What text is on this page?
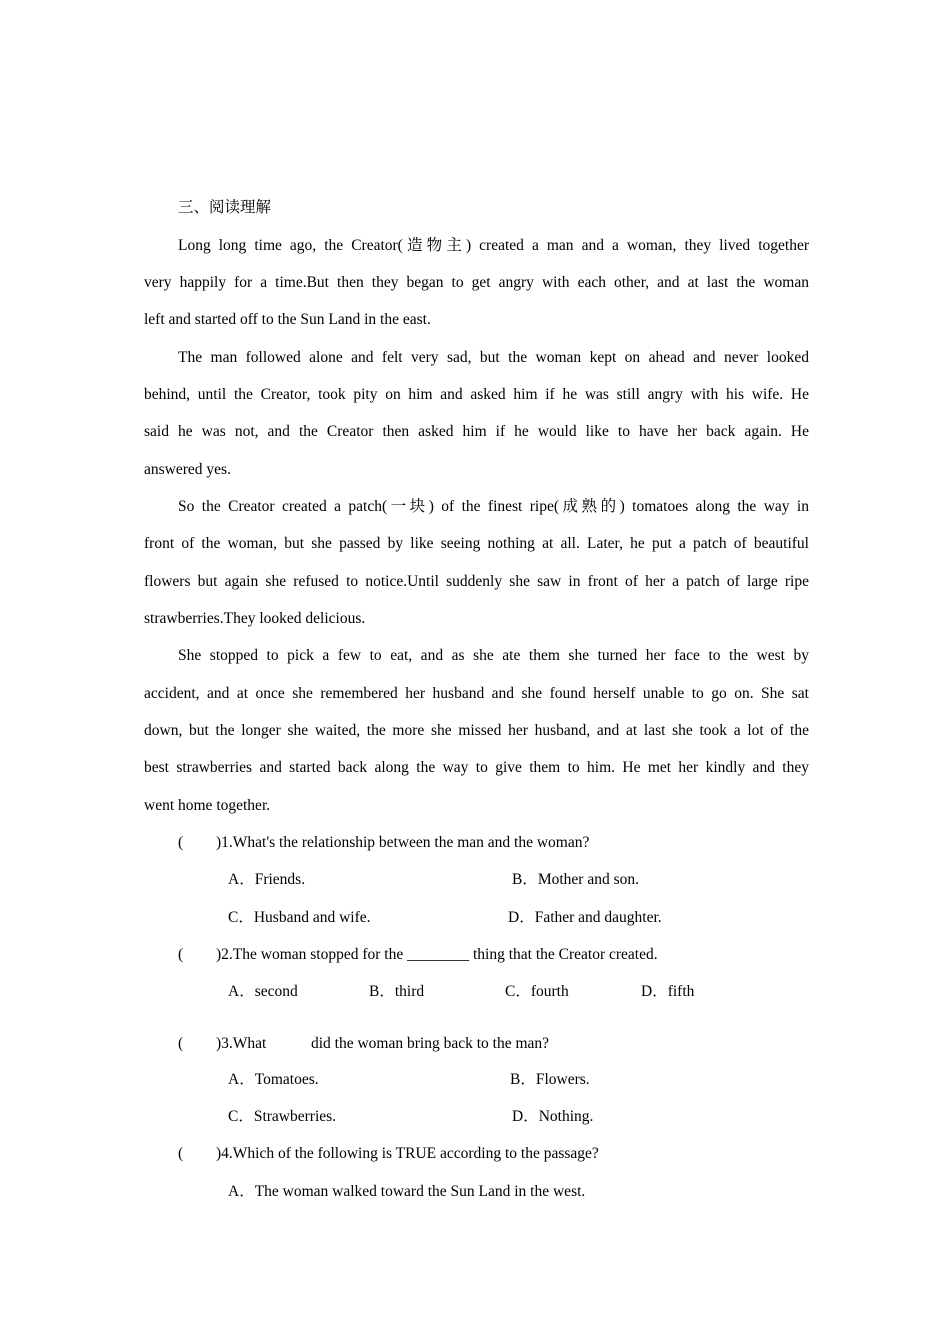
三、阅读理解
Long long time ago, the Creator(造物主) created a man and a woman, they lived together
very happily for a time.But then they began to get angry with each other, and at last the woman
left and started off to the Sun Land in the east.
The man followed alone and felt very sad, but the woman kept on ahead and never looked
behind, until the Creator, took pity on him and asked him if he was still angry with his wife. He
said he was not, and the Creator then asked him if he would like to have her back again. He
answered yes.
So the Creator created a patch(一块) of the finest ripe(成熟的) tomatoes along the way in
front of the woman, but she passed by like seeing nothing at all. Later, he put a patch of beautiful
flowers but again she refused to notice.Until suddenly she saw in front of her a patch of large ripe
strawberries.They looked delicious.
She stopped to pick a few to eat, and as she ate them she turned her face to the west by
accident, and at once she remembered her husband and she found herself unable to go on. She sat
down, but the longer she waited, the more she missed her husband, and at last she took a lot of the
best strawberries and started back along the way to give them to him. He met her kindly and they
went home together.
( )1.What's the relationship between the man and the woman?
A．Friends.	B．Mother and son.
C．Husband and wife.	D．Father and daughter.
( )2.The woman stopped for the ________ thing that the Creator created.
A．second	B．third	C．fourth	D．fifth
( )3.What	did the woman bring back to the man?
A．Tomatoes.	B．Flowers.
C．Strawberries.	D．Nothing.
( )4.Which of the following is TRUE according to the passage?
A．The woman walked toward the Sun Land in the west.
